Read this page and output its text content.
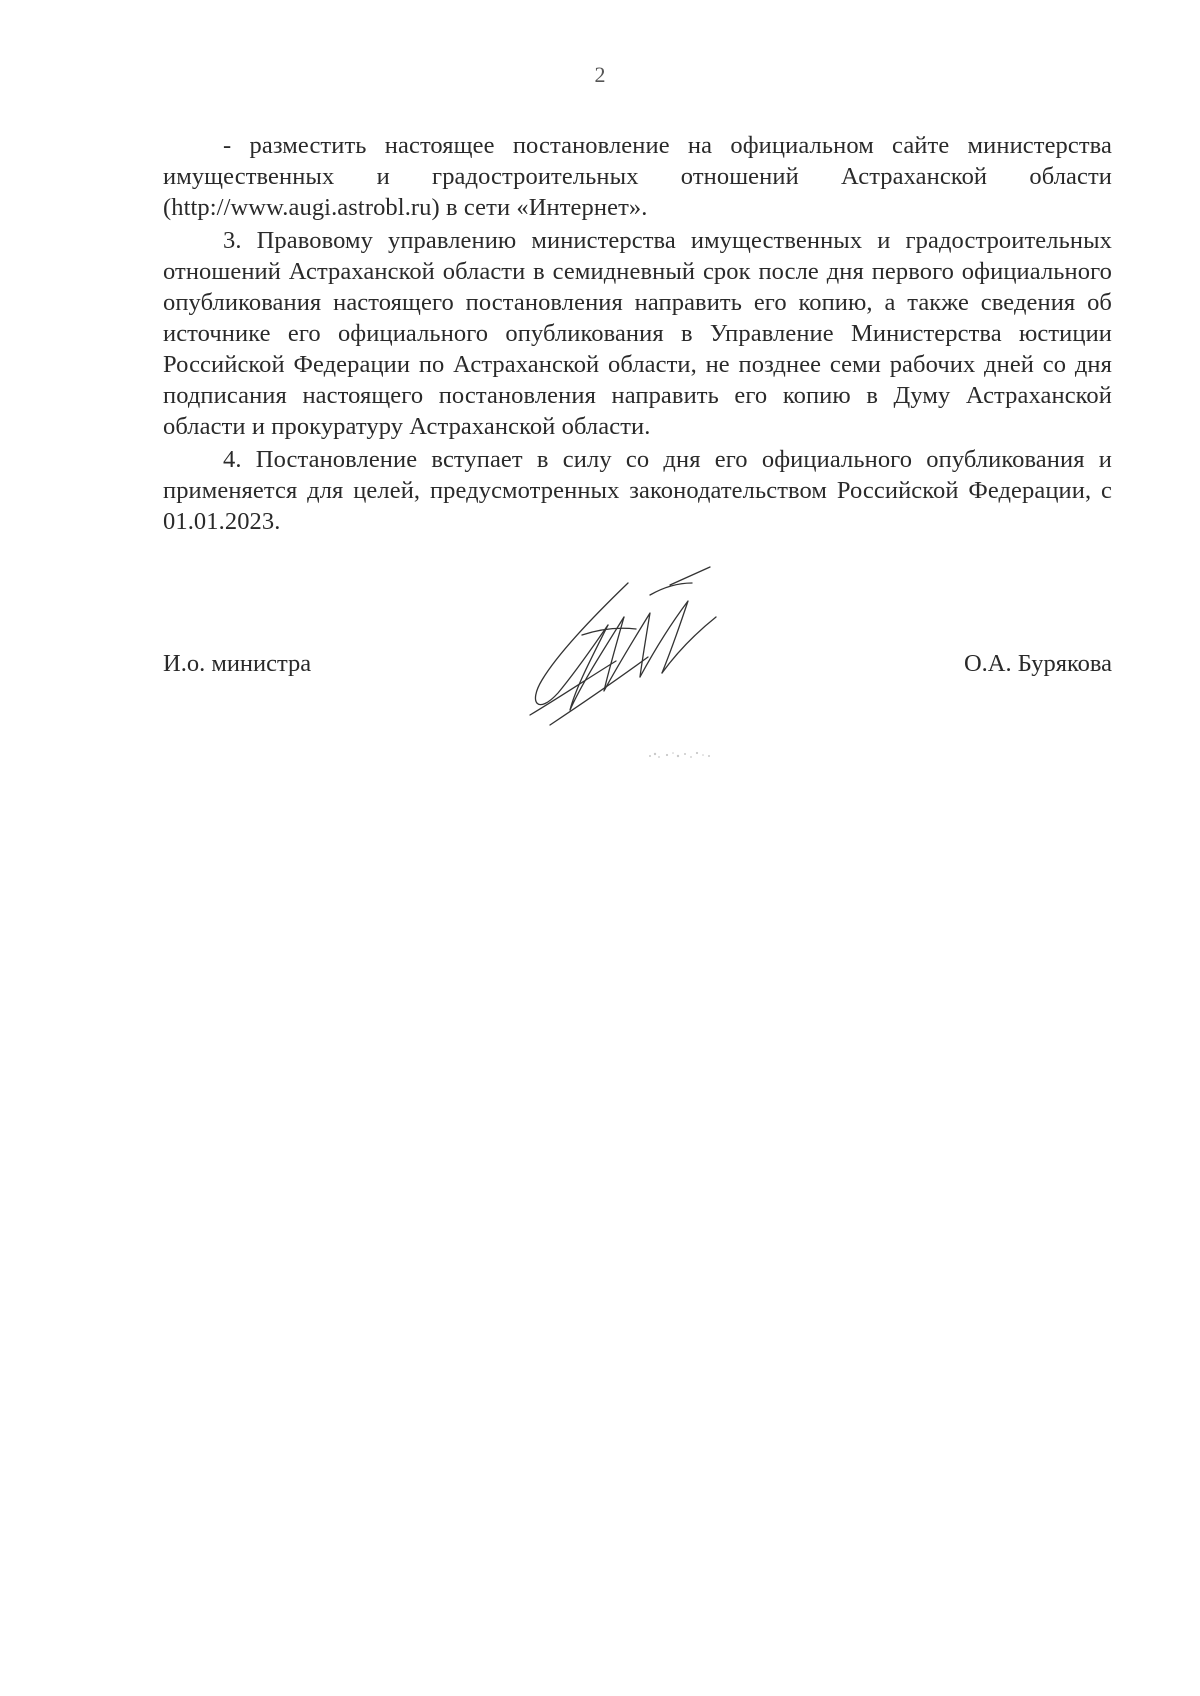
2

- разместить настоящее постановление на официальном сайте министерства имущественных и градостроительных отношений Астраханской области (http://www.augi.astrobl.ru) в сети «Интернет».

3. Правовому управлению министерства имущественных и градостроительных отношений Астраханской области в семидневный срок после дня первого официального опубликования настоящего постановления направить его копию, а также сведения об источнике его официального опубликования в Управление Министерства юстиции Российской Федерации по Астраханской области, не позднее семи рабочих дней со дня подписания настоящего постановления направить его копию в Думу Астраханской области и прокуратуру Астраханской области.

4. Постановление вступает в силу со дня его официального опубликования и применяется для целей, предусмотренных законодательством Российской Федерации, с 01.01.2023.

И.о. министра	О.А. Бурякова
